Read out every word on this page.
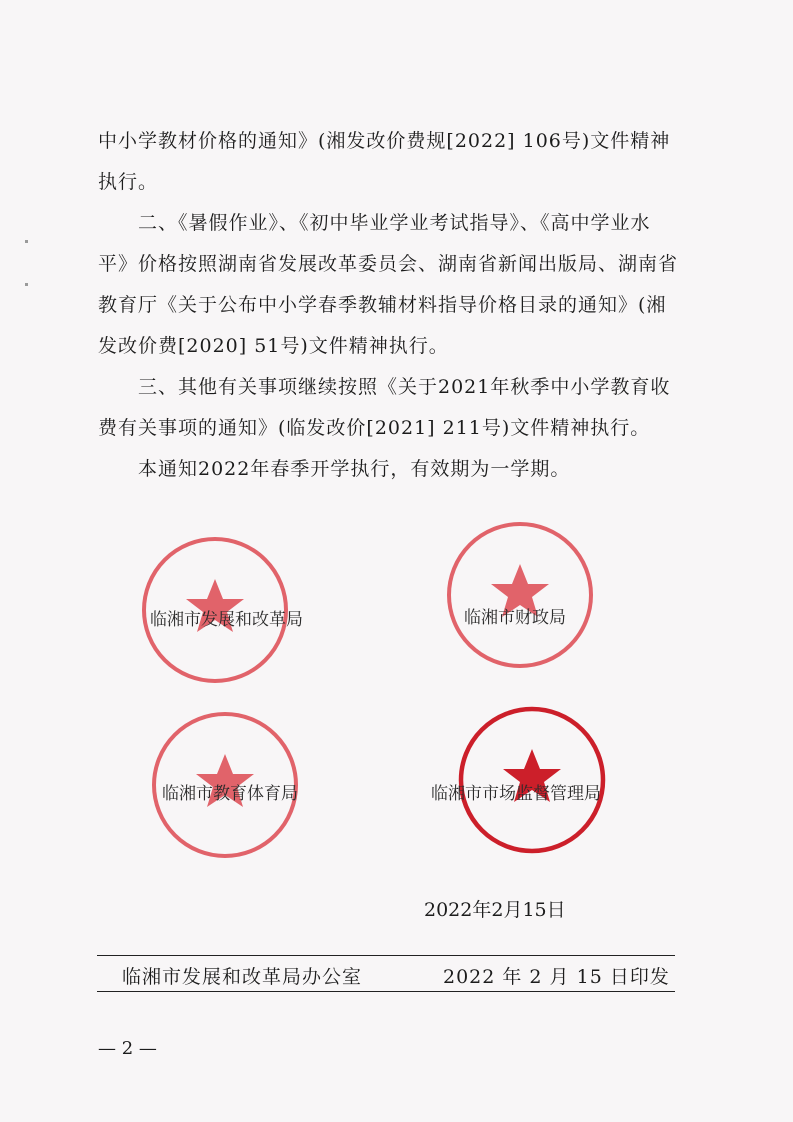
中小学教材价格的通知》(湘发改价费规[2022] 106号)文件精神执行。

二、《暑假作业》、《初中毕业学业考试指导》、《高中学业水平》价格按照湖南省发展改革委员会、湖南省新闻出版局、湖南省教育厅《关于公布中小学春季教辅材料指导价格目录的通知》(湘发改价费[2020] 51号)文件精神执行。

三、其他有关事项继续按照《关于2021年秋季中小学教育收费有关事项的通知》(临发改价[2021] 211号)文件精神执行。

本通知2022年春季开学执行，有效期为一学期。

临湘市发展和改革局	临湘市财政局
临湘市教育体育局	临湘市市场监督管理局
2022年2月15日
临湘市发展和改革局办公室	2022 年 2 月 15 日印发
— 2 —
